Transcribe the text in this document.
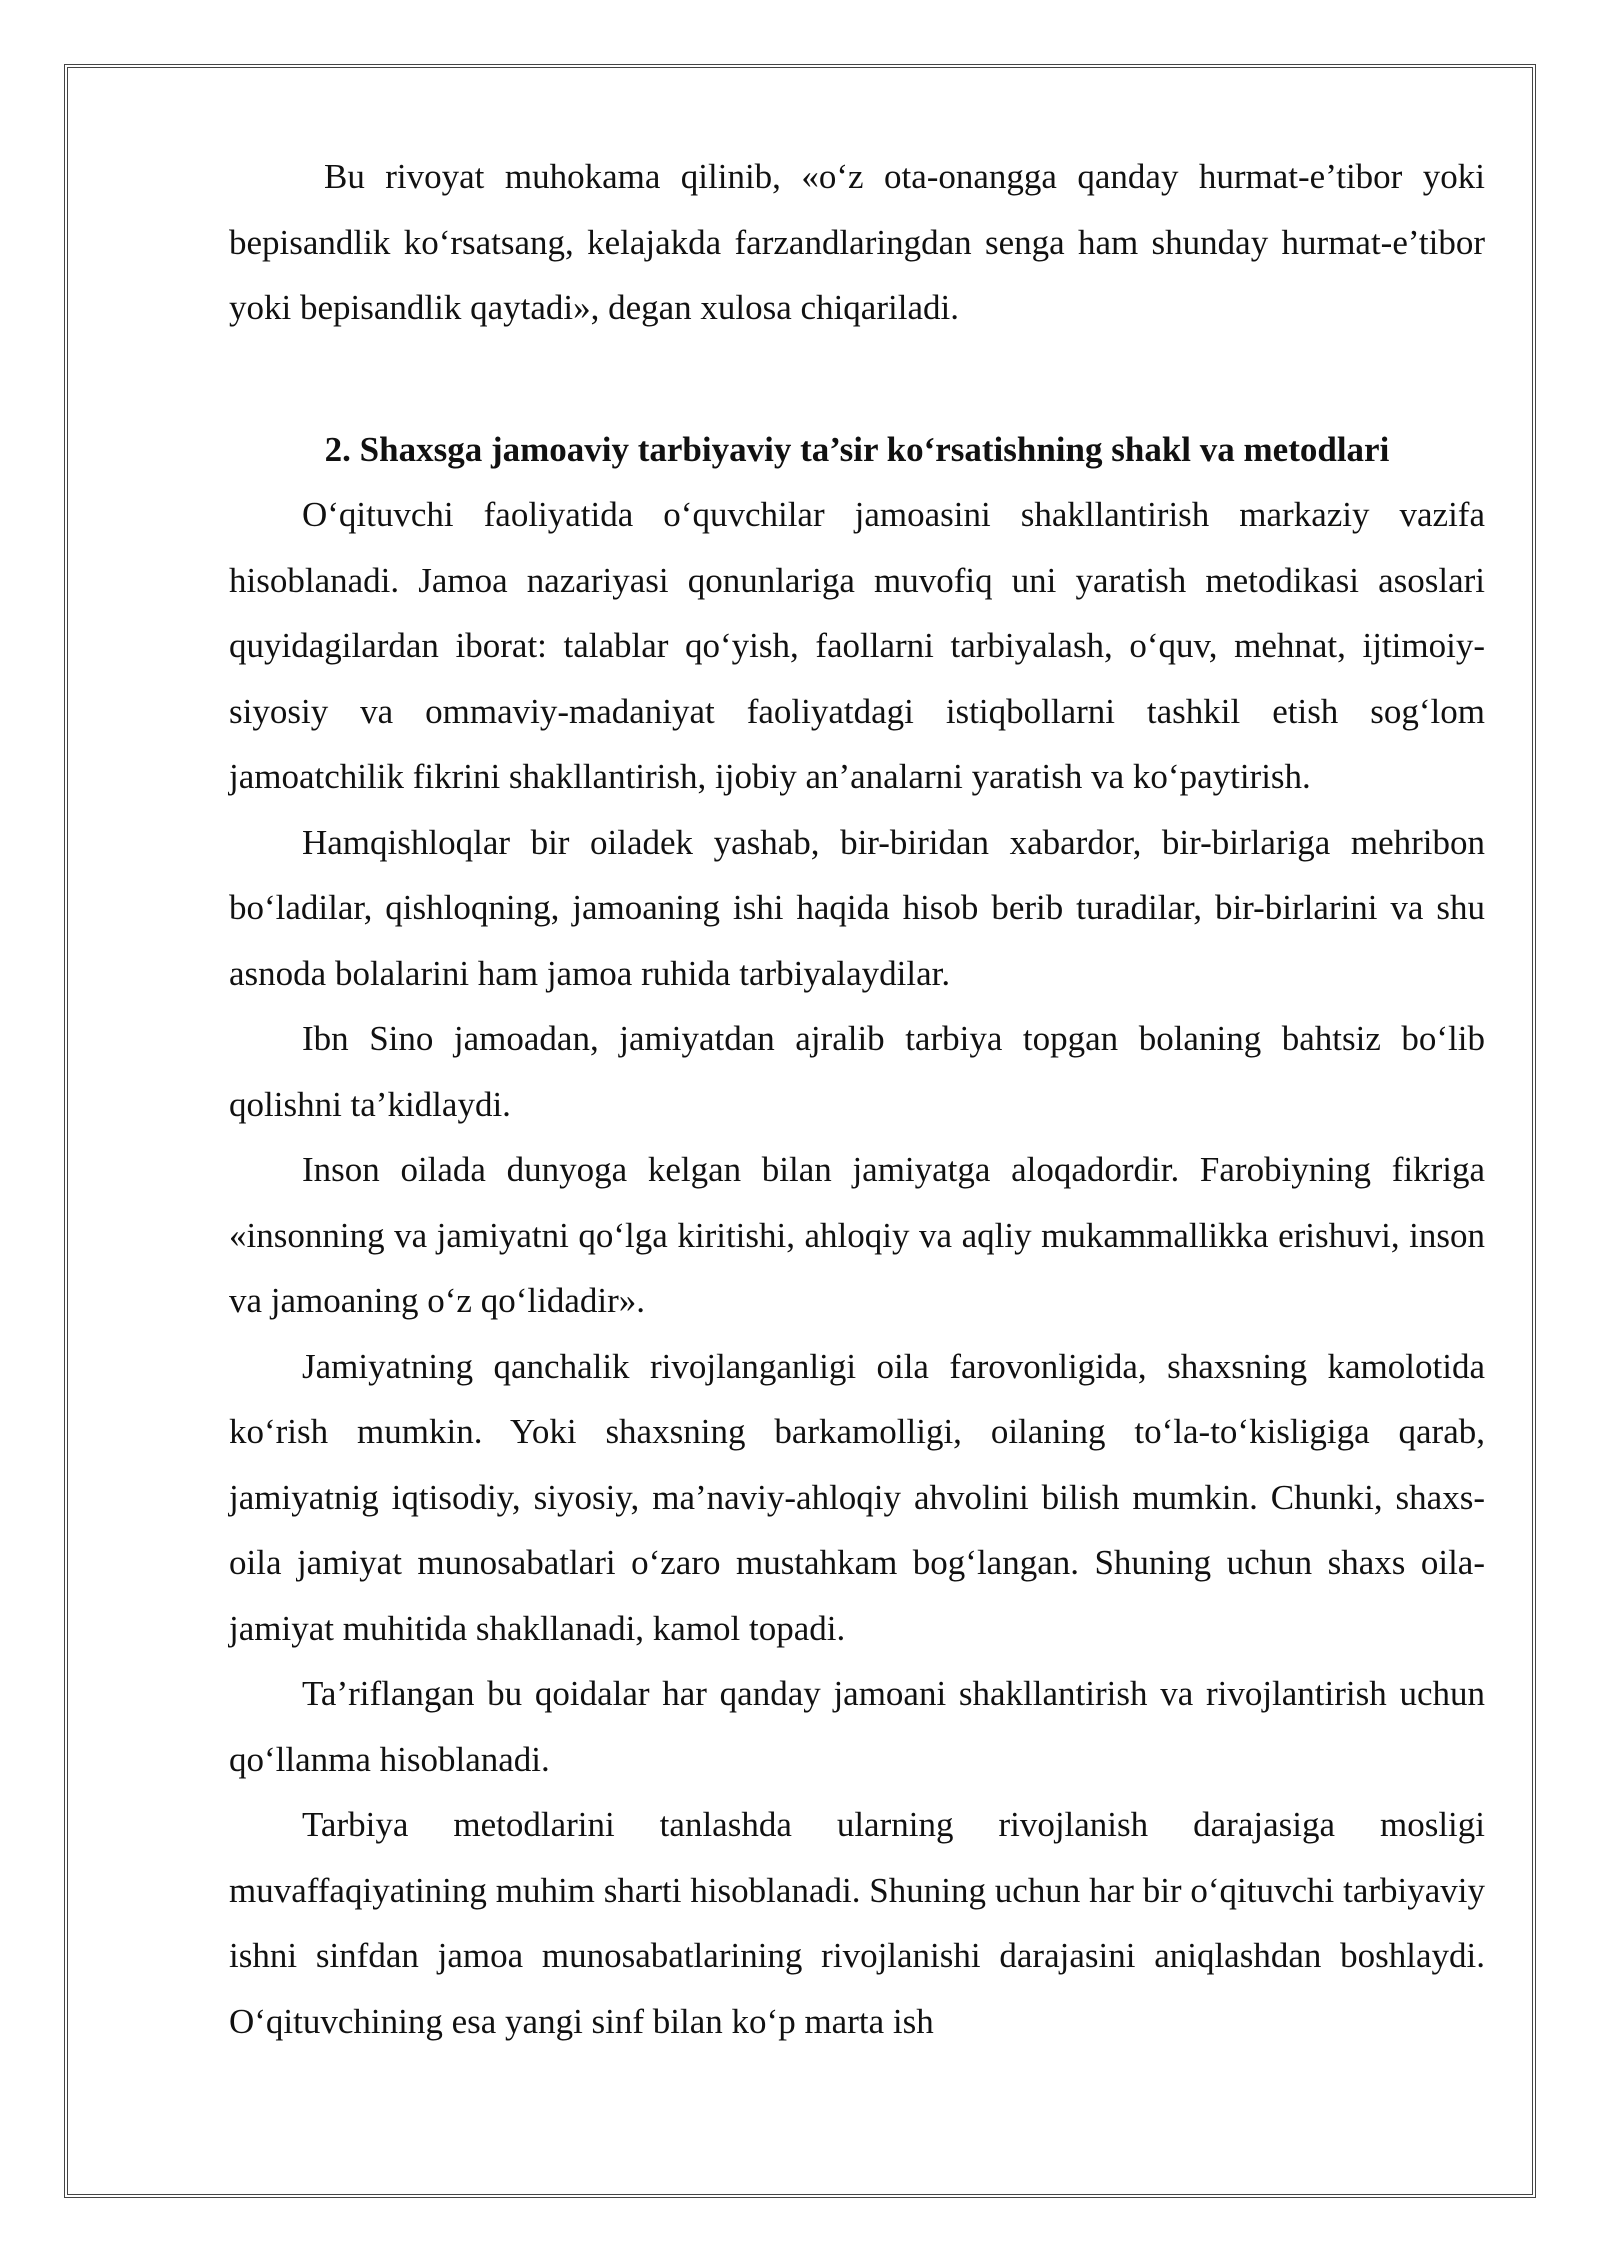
Bu rivoyat muhokama qilinib, «o‘z ota-onangga qanday hurmat-e’tibor yoki bepisandlik ko‘rsatsang, kelajakda farzandlaringdan senga ham shunday hurmat-e’tibor yoki bepisandlik qaytadi», degan xulosa chiqariladi.

2. Shaxsga jamoaviy tarbiyaviy ta’sir ko‘rsatishning shakl va metodlari

O‘qituvchi faoliyatida o‘quvchilar jamoasini shakllantirish markaziy vazifa hisoblanadi. Jamoa nazariyasi qonunlariga muvofiq uni yaratish metodikasi asoslari quyidagilardan iborat: talablar qo‘yish, faollarni tarbiyalash, o‘quv, mehnat, ijtimoiy-siyosiy va ommaviy-madaniyat faoliyatdagi istiqbollarni tashkil etish sog‘lom jamoatchilik fikrini shakllantirish, ijobiy an’analarni yaratish va ko‘paytirish.

Hamqishloqlar bir oiladek yashab, bir-biridan xabardor, bir-birlariga mehribon bo‘ladilar, qishloqning, jamoaning ishi haqida hisob berib turadilar, bir-birlarini va shu asnoda bolalarini ham jamoa ruhida tarbiyalaydilar.

Ibn Sino jamoadan, jamiyatdan ajralib tarbiya topgan bolaning bahtsiz bo‘lib qolishni ta’kidlaydi.

Inson oilada dunyoga kelgan bilan jamiyatga aloqadordir. Farobiyning fikriga «insonning va jamiyatni qo‘lga kiritishi, ahloqiy va aqliy mukammallikka erishuvi, inson va jamoaning o‘z qo‘lidadir».

Jamiyatning qanchalik rivojlanganligi oila farovonligida, shaxsning kamolotida ko‘rish mumkin. Yoki shaxsning barkamolligi, oilaning to‘la-to‘kisligiga qarab, jamiyatnig iqtisodiy, siyosiy, ma’naviy-ahloqiy ahvolini bilish mumkin. Chunki, shaxs-oila jamiyat munosabatlari o‘zaro mustahkam bog‘langan. Shuning uchun shaxs oila-jamiyat muhitida shakllanadi, kamol topadi.

Ta’riflangan bu qoidalar har qanday jamoani shakllantirish va rivojlantirish uchun qo‘llanma hisoblanadi.

Tarbiya metodlarini tanlashda ularning rivojlanish darajasiga mosligi muvaffaqiyatining muhim sharti hisoblanadi. Shuning uchun har bir o‘qituvchi tarbiyaviy ishni sinfdan jamoa munosabatlarining rivojlanishi darajasini aniqlashdan boshlaydi. O‘qituvchining esa yangi sinf bilan ko‘p marta ish
